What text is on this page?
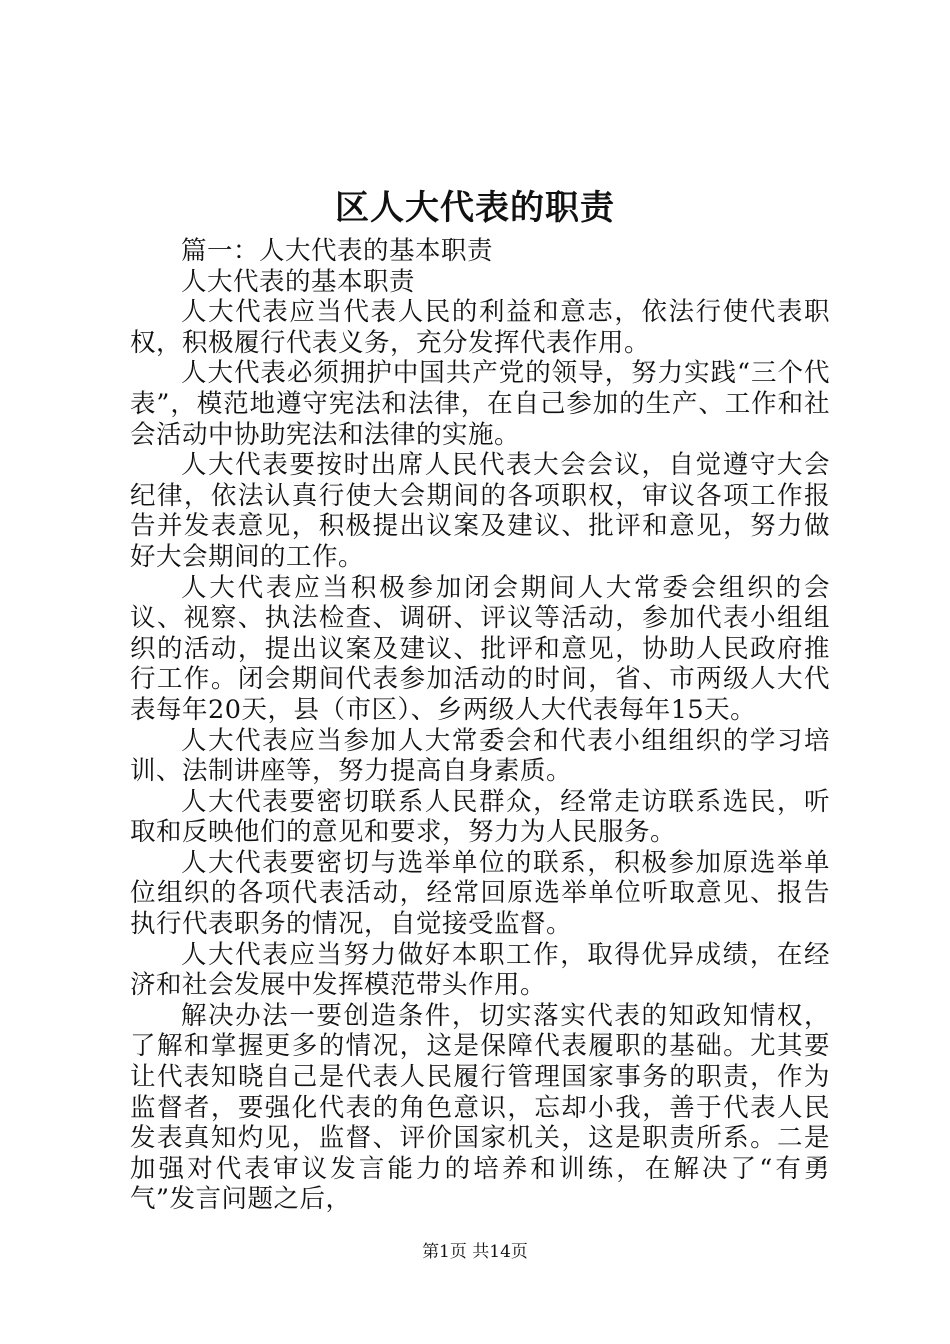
区人大代表的职责

篇一：人大代表的基本职责

人大代表的基本职责

人大代表应当代表人民的利益和意志，依法行使代表职权，积极履行代表义务，充分发挥代表作用。

人大代表必须拥护中国共产党的领导，努力实践“三个代表”，模范地遵守宪法和法律，在自己参加的生产、工作和社会活动中协助宪法和法律的实施。

人大代表要按时出席人民代表大会会议，自觉遵守大会纪律，依法认真行使大会期间的各项职权，审议各项工作报告并发表意见，积极提出议案及建议、批评和意见，努力做好大会期间的工作。

人大代表应当积极参加闭会期间人大常委会组织的会议、视察、执法检查、调研、评议等活动，参加代表小组组织的活动，提出议案及建议、批评和意见，协助人民政府推行工作。闭会期间代表参加活动的时间，省、市两级人大代表每年20天，县（市区）、乡两级人大代表每年15天。

人大代表应当参加人大常委会和代表小组组织的学习培训、法制讲座等，努力提高自身素质。

人大代表要密切联系人民群众，经常走访联系选民，听取和反映他们的意见和要求，努力为人民服务。

人大代表要密切与选举单位的联系，积极参加原选举单位组织的各项代表活动，经常回原选举单位听取意见、报告执行代表职务的情况，自觉接受监督。

人大代表应当努力做好本职工作，取得优异成绩，在经济和社会发展中发挥模范带头作用。

解决办法一要创造条件，切实落实代表的知政知情权，了解和掌握更多的情况，这是保障代表履职的基础。尤其要让代表知晓自己是代表人民履行管理国家事务的职责，作为监督者，要强化代表的角色意识，忘却小我，善于代表人民发表真知灼见，监督、评价国家机关，这是职责所系。二是加强对代表审议发言能力的培养和训练，在解决了“有勇气”发言问题之后，

第1页 共14页
